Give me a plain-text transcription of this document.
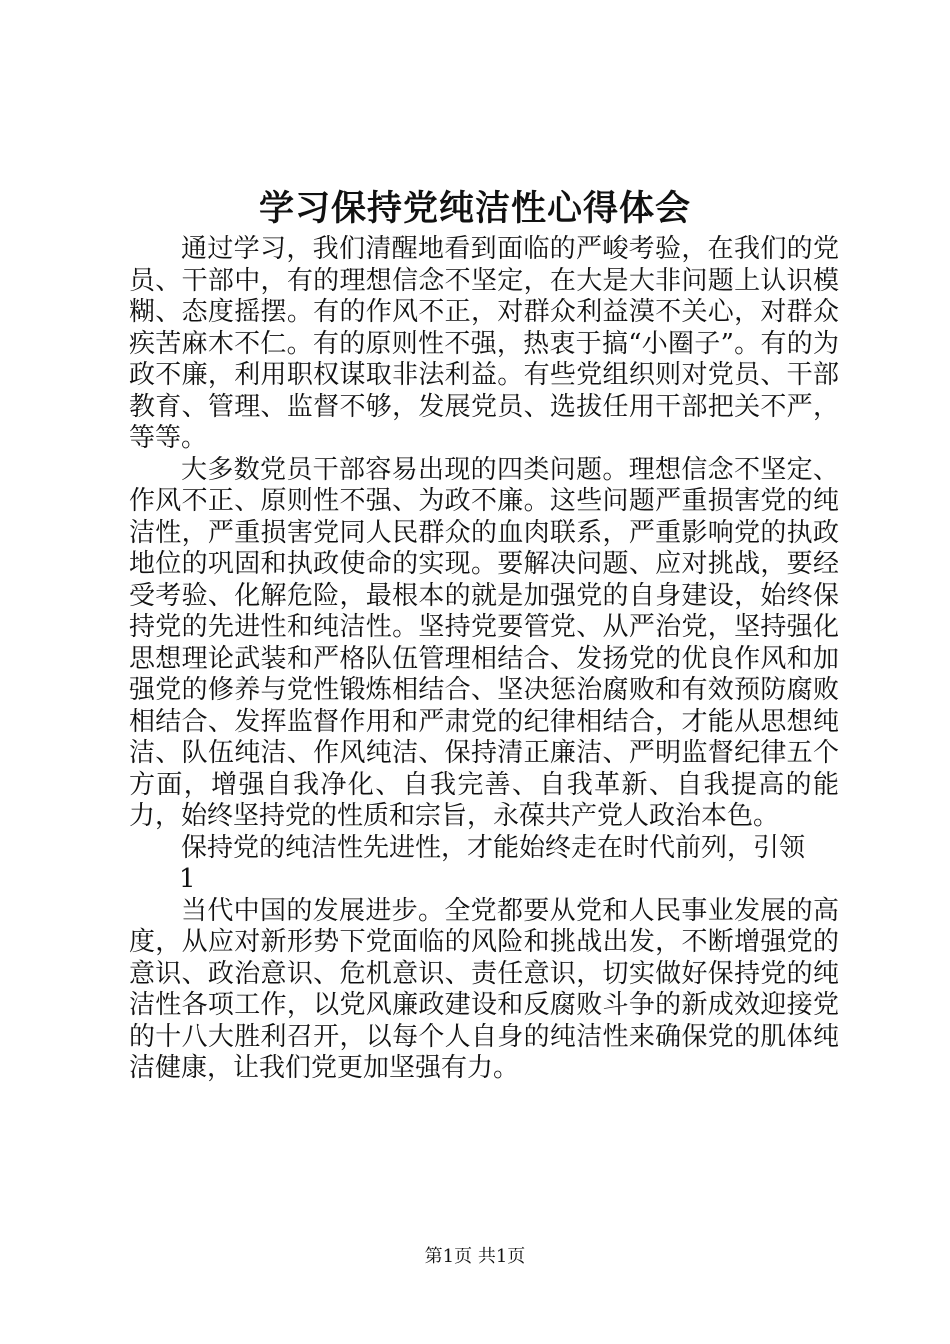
学习保持党纯洁性心得体会

通过学习，我们清醒地看到面临的严峻考验，在我们的党员、干部中，有的理想信念不坚定，在大是大非问题上认识模糊、态度摇摆。有的作风不正，对群众利益漠不关心，对群众疾苦麻木不仁。有的原则性不强，热衷于搞“小圈子”。有的为政不廉，利用职权谋取非法利益。有些党组织则对党员、干部教育、管理、监督不够，发展党员、选拔任用干部把关不严，等等。

大多数党员干部容易出现的四类问题。理想信念不坚定、作风不正、原则性不强、为政不廉。这些问题严重损害党的纯洁性，严重损害党同人民群众的血肉联系，严重影响党的执政地位的巩固和执政使命的实现。要解决问题、应对挑战，要经受考验、化解危险，最根本的就是加强党的自身建设，始终保持党的先进性和纯洁性。坚持党要管党、从严治党，坚持强化思想理论武装和严格队伍管理相结合、发扬党的优良作风和加强党的修养与党性锻炼相结合、坚决惩治腐败和有效预防腐败相结合、发挥监督作用和严肃党的纪律相结合，才能从思想纯洁、队伍纯洁、作风纯洁、保持清正廉洁、严明监督纪律五个方面，增强自我净化、自我完善、自我革新、自我提高的能力，始终坚持党的性质和宗旨，永葆共产党人政治本色。

保持党的纯洁性先进性，才能始终走在时代前列，引领

1

当代中国的发展进步。全党都要从党和人民事业发展的高度，从应对新形势下党面临的风险和挑战出发，不断增强党的意识、政治意识、危机意识、责任意识，切实做好保持党的纯洁性各项工作，以党风廉政建设和反腐败斗争的新成效迎接党的十八大胜利召开，以每个人自身的纯洁性来确保党的肌体纯洁健康，让我们党更加坚强有力。

第1页 共1页
